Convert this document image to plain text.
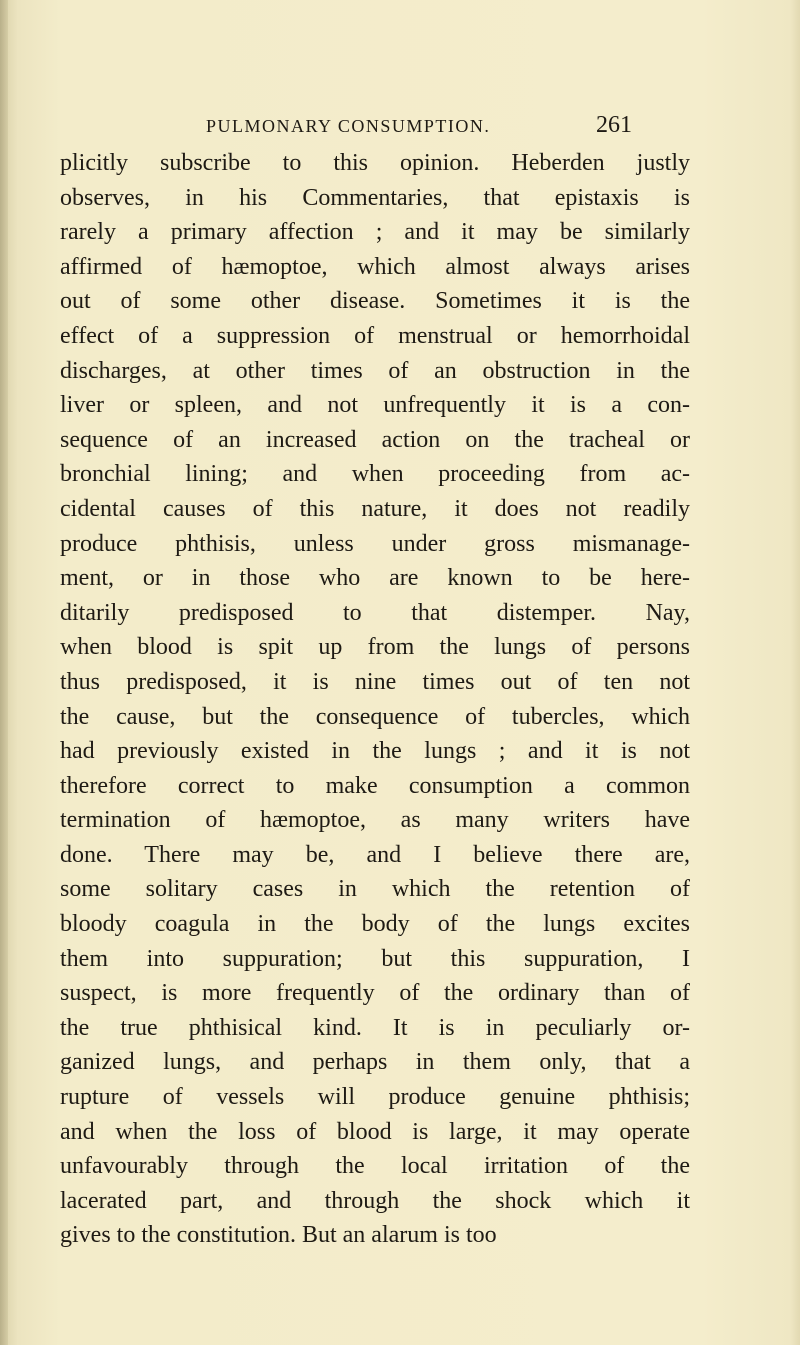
PULMONARY CONSUMPTION.	261
plicitly subscribe to this opinion. Heberden justly
observes, in his Commentaries, that epistaxis is
rarely a primary affection ; and it may be similarly
affirmed of hæmoptoe, which almost always arises
out of some other disease. Sometimes it is the
effect of a suppression of menstrual or hemorrhoidal
discharges, at other times of an obstruction in the
liver or spleen, and not unfrequently it is a con-
sequence of an increased action on the tracheal or
bronchial lining; and when proceeding from ac-
cidental causes of this nature, it does not readily
produce phthisis, unless under gross mismanage-
ment, or in those who are known to be here-
ditarily predisposed to that distemper. Nay,
when blood is spit up from the lungs of persons
thus predisposed, it is nine times out of ten not
the cause, but the consequence of tubercles, which
had previously existed in the lungs ; and it is not
therefore correct to make consumption a common
termination of hæmoptoe, as many writers have
done. There may be, and I believe there are,
some solitary cases in which the retention of
bloody coagula in the body of the lungs excites
them into suppuration; but this suppuration, I
suspect, is more frequently of the ordinary than of
the true phthisical kind. It is in peculiarly or-
ganized lungs, and perhaps in them only, that a
rupture of vessels will produce genuine phthisis;
and when the loss of blood is large, it may operate
unfavourably through the local irritation of the
lacerated part, and through the shock which it
gives to the constitution. But an alarum is too
